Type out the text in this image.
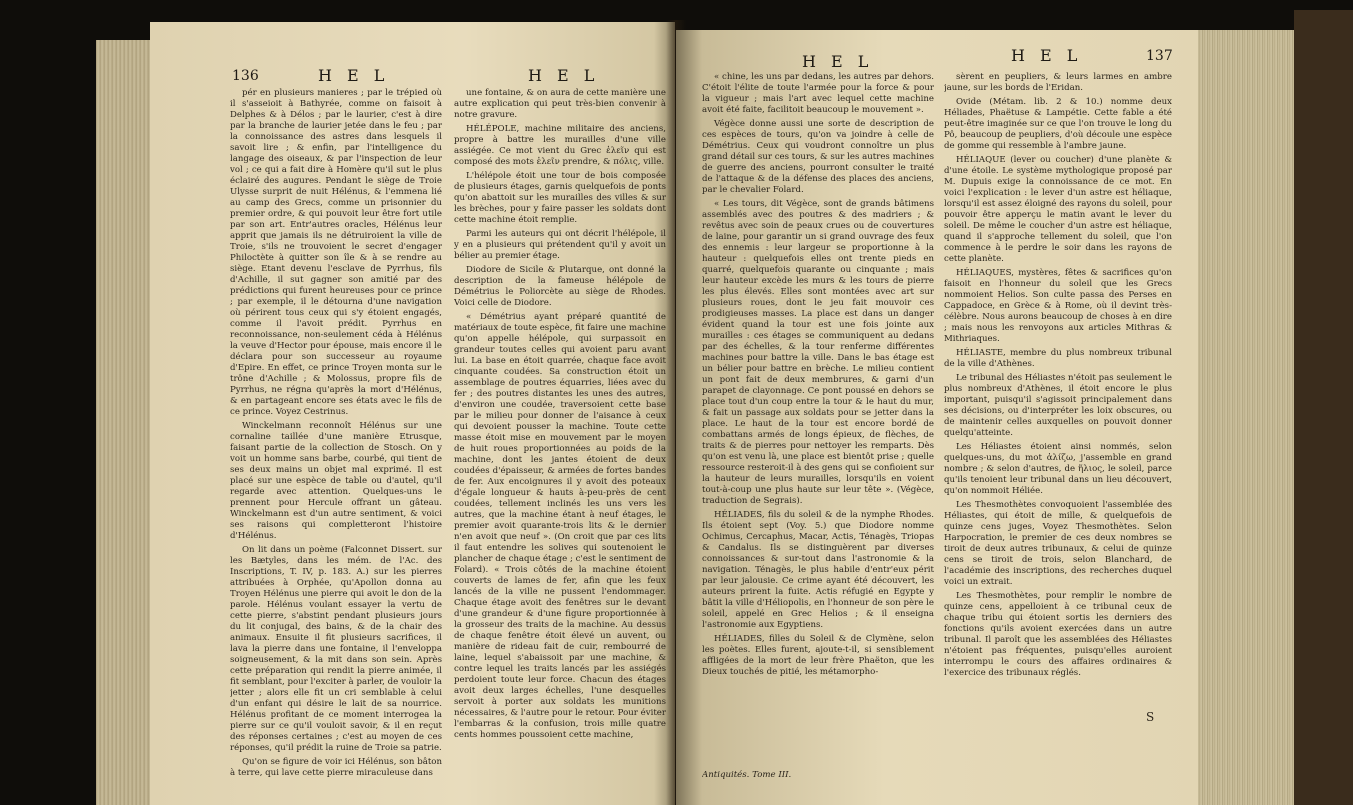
136	H E L	H E L

pér en plusieurs manieres ; par le trépied où il s'asseioit à Bathyrée, comme on faisoit à Delphes & à Délos ; par le laurier, c'est à dire par la branche de laurier jetée dans le feu ; par la connoissance des astres dans lesquels il savoit lire ; & enfin, par l'intelligence du langage des oiseaux, & par l'inspection de leur vol ; ce qui a fait dire à Homère qu'il sut le plus éclairé des augures. Pendant le siège de Troie Ulysse surprit de nuit Hélénus, & l'emmena lié au camp des Grecs, comme un prisonnier du premier ordre, & qui pouvoit leur être fort utile par son art. Entr'autres oracles, Hélénus leur apprit que jamais ils ne détruiroient la ville de Troie, s'ils ne trouvoient le secret d'engager Philoctète à quitter son île & à se rendre au siège. Etant devenu l'esclave de Pyrrhus, fils d'Achille, il sut gagner son amitié par des prédictions qui furent heureuses pour ce prince ; par exemple, il le détourna d'une navigation où périrent tous ceux qui s'y étoient engagés, comme il l'avoit prédit. Pyrrhus en reconnoissance, non-seulement céda à Hélénus la veuve d'Hector pour épouse, mais encore il le déclara pour son successeur au royaume d'Epire. En effet, ce prince Troyen monta sur le trône d'Achille ; & Molossus, propre fils de Pyrrhus, ne régna qu'après la mort d'Hélénus, & en partageant encore ses états avec le fils de ce prince. Voyez Cestrinus.

Winckelmann reconnoît Hélénus sur une cornaline taillée d'une manière Etrusque, faisant partie de la collection de Stosch. On y voit un homme sans barbe, courbé, qui tient de ses deux mains un objet mal exprimé. Il est placé sur une espèce de table ou d'autel, qu'il regarde avec attention. Quelques-uns le prennent pour Hercule offrant un gâteau. Winckelmann est d'un autre sentiment, & voici ses raisons qui completteront l'histoire d'Hélénus.

On lit dans un poème (Falconnet Dissert. sur les Bætyles, dans les mém. de l'Ac. des Inscriptions, T. IV, p. 183. A.) sur les pierres attribuées à Orphée, qu'Apollon donna au Troyen Hélénus une pierre qui avoit le don de la parole. Hélénus voulant essayer la vertu de cette pierre, s'abstint pendant plusieurs jours du lit conjugal, des bains, & de la chair des animaux. Ensuite il fit plusieurs sacrifices, il lava la pierre dans une fontaine, il l'enveloppa soigneusement, & la mit dans son sein. Après cette préparation qui rendit la pierre animée, il fit semblant, pour l'exciter à parler, de vouloir la jetter ; alors elle fit un cri semblable à celui d'un enfant qui désire le lait de sa nourrice. Hélénus profitant de ce moment interrogea la pierre sur ce qu'il vouloit savoir, & il en reçut des réponses certaines ; c'est au moyen de ces réponses, qu'il prédit la ruine de Troie sa patrie.

Qu'on se figure de voir ici Hélénus, son bâton à terre, qui lave cette pierre miraculeuse dans

une fontaine, & on aura de cette manière une autre explication qui peut très-bien convenir à notre gravure.

HÉLÉPOLE, machine militaire des anciens, propre à battre les murailles d'une ville assiégée. Ce mot vient du Grec ἑλεῖν qui est composé des mots ἑλεῖν prendre, & πόλις, ville.

L'hélépole étoit une tour de bois composée de plusieurs étages, garnis quelquefois de ponts qu'on abattoit sur les murailles des villes & sur les brèches, pour y faire passer les soldats dont cette machine étoit remplie.

Parmi les auteurs qui ont décrit l'hélépole, il y en a plusieurs qui prétendent qu'il y avoit un bélier au premier étage.

Diodore de Sicile & Plutarque, ont donné la description de la fameuse hélépole de Démétrius le Poliorcète au siège de Rhodes. Voici celle de Diodore.

« Démétrius ayant préparé quantité de matériaux de toute espèce, fit faire une machine qu'on appelle hélépole, qui surpassoit en grandeur toutes celles qui avoient paru avant lui. La base en étoit quarrée, chaque face avoit cinquante coudées. Sa construction étoit un assemblage de poutres équarries, liées avec du fer ; des poutres distantes les unes des autres, d'environ une coudée, traversoient cette base par le milieu pour donner de l'aisance à ceux qui devoient pousser la machine. Toute cette masse étoit mise en mouvement par le moyen de huit roues proportionnées au poids de la machine, dont les jantes étoient de deux coudées d'épaisseur, & armées de fortes bandes de fer. Aux encoignures il y avoit des poteaux d'égale longueur & hauts à-peu-près de cent coudées, tellement inclinés les uns vers les autres, que la machine étant à neuf étages, le premier avoit quarante-trois lits & le dernier n'en avoit que neuf ». (On croit que par ces lits il faut entendre les solives qui soutenoient le plancher de chaque étage ; c'est le sentiment de Folard). « Trois côtés de la machine étoient couverts de lames de fer, afin que les feux lancés de la ville ne pussent l'endommager. Chaque étage avoit des fenêtres sur le devant d'une grandeur & d'une figure proportionnée à la grosseur des traits de la machine. Au dessus de chaque fenêtre étoit élevé un auvent, ou manière de rideau fait de cuir, rembourré de laine, lequel s'abaissoit par une machine, & contre lequel les traits lancés par les assiégés perdoient toute leur force. Chacun des étages avoit deux larges échelles, l'une desquelles servoit à porter aux soldats les munitions nécessaires, & l'autre pour le retour. Pour éviter l'embarras & la confusion, trois mille quatre cents hommes poussoient cette machine,

H E L	H E L	137

« chine, les uns par dedans, les autres par dehors. C'étoit l'élite de toute l'armée pour la force & pour la vigueur ; mais l'art avec lequel cette machine avoit été faite, facilitoit beaucoup le mouvement ».

Végèce donne aussi une sorte de description de ces espèces de tours, qu'on va joindre à celle de Démétrius. Ceux qui voudront connoître un plus grand détail sur ces tours, & sur les autres machines de guerre des anciens, pourront consulter le traité de l'attaque & de la défense des places des anciens, par le chevalier Folard.

« Les tours, dit Végèce, sont de grands bâtimens assemblés avec des poutres & des madriers ; & revêtus avec soin de peaux crues ou de couvertures de laine, pour garantir un si grand ouvrage des feux des ennemis : leur largeur se proportionne à la hauteur : quelquefois elles ont trente pieds en quarré, quelquefois quarante ou cinquante ; mais leur hauteur excède les murs & les tours de pierre les plus élevés. Elles sont montées avec art sur plusieurs roues, dont le jeu fait mouvoir ces prodigieuses masses. La place est dans un danger évident quand la tour est une fois jointe aux murailles : ces étages se communiquent au dedans par des échelles, & la tour renferme différentes machines pour battre la ville. Dans le bas étage est un bélier pour battre en brèche. Le milieu contient un pont fait de deux membrures, & garni d'un parapet de clayonnage. Ce pont poussé en dehors se place tout d'un coup entre la tour & le haut du mur, & fait un passage aux soldats pour se jetter dans la place. Le haut de la tour est encore bordé de combattans armés de longs épieux, de flèches, de traits & de pierres pour nettoyer les remparts. Dès qu'on est venu là, une place est bientôt prise ; quelle ressource resteroit-il à des gens qui se confioient sur la hauteur de leurs murailles, lorsqu'ils en voient tout-à-coup une plus haute sur leur tête ». (Végèce, traduction de Segrais).

HÉLIADES, fils du soleil & de la nymphe Rhodes. Ils étoient sept (Voy. 5.) que Diodore nomme Ochimus, Cercaphus, Macar, Actis, Ténagès, Triopas & Candalus. Ils se distinguèrent par diverses connoissances & sur-tout dans l'astronomie & la navigation. Ténagès, le plus habile d'entr'eux périt par leur jalousie. Ce crime ayant été découvert, les auteurs prirent la fuite. Actis réfugié en Egypte y bâtit la ville d'Héliopolis, en l'honneur de son père le soleil, appelé en Grec Helios ; & il enseigna l'astronomie aux Egyptiens.

HÉLIADES, filles du Soleil & de Clymène, selon les poètes. Elles furent, ajoute-t-il, si sensiblement affligées de la mort de leur frère Phaëton, que les Dieux touchés de pitié, les métamorpho-

Antiquités. Tome III.

sèrent en peupliers, & leurs larmes en ambre jaune, sur les bords de l'Eridan.

Ovide (Métam. lib. 2 & 10.) nomme deux Héliades, Phaëtuse & Lampétie. Cette fable a été peut-être imaginée sur ce que l'on trouve le long du Pô, beaucoup de peupliers, d'où découle une espèce de gomme qui ressemble à l'ambre jaune.

HÉLIAQUE (lever ou coucher) d'une planète & d'une étoile. Le système mythologique proposé par M. Dupuis exige la connoissance de ce mot. En voici l'explication : le lever d'un astre est héliaque, lorsqu'il est assez éloigné des rayons du soleil, pour pouvoir être apperçu le matin avant le lever du soleil. De même le coucher d'un astre est héliaque, quand il s'approche tellement du soleil, que l'on commence à le perdre le soir dans les rayons de cette planète.

HÉLIAQUES, mystères, fêtes & sacrifices qu'on faisoit en l'honneur du soleil que les Grecs nommoient Helios. Son culte passa des Perses en Cappadoce, en Grèce & à Rome, où il devint très-célèbre. Nous aurons beaucoup de choses à en dire ; mais nous les renvoyons aux articles Mithras & Mithriaques.

HÉLIASTE, membre du plus nombreux tribunal de la ville d'Athènes.

Le tribunal des Héliastes n'étoit pas seulement le plus nombreux d'Athènes, il étoit encore le plus important, puisqu'il s'agissoit principalement dans ses décisions, ou d'interpréter les loix obscures, ou de maintenir celles auxquelles on pouvoit donner quelqu'atteinte.

Les Héliastes étoient ainsi nommés, selon quelques-uns, du mot ἁλίζω, j'assemble en grand nombre ; & selon d'autres, de ἥλιος, le soleil, parce qu'ils tenoient leur tribunal dans un lieu découvert, qu'on nommoit Héliée.

Les Thesmothètes convoquoient l'assemblée des Héliastes, qui étoit de mille, & quelquefois de quinze cens juges, Voyez Thesmothètes. Selon Harpocration, le premier de ces deux nombres se tiroit de deux autres tribunaux, & celui de quinze cens se tiroit de trois, selon Blanchard, de l'académie des inscriptions, des recherches duquel voici un extrait.

Les Thesmothètes, pour remplir le nombre de quinze cens, appelloient à ce tribunal ceux de chaque tribu qui étoient sortis les derniers des fonctions qu'ils avoient exercées dans un autre tribunal. Il paroît que les assemblées des Héliastes n'étoient pas fréquentes, puisqu'elles auroient interrompu le cours des affaires ordinaires & l'exercice des tribunaux réglés.

S
